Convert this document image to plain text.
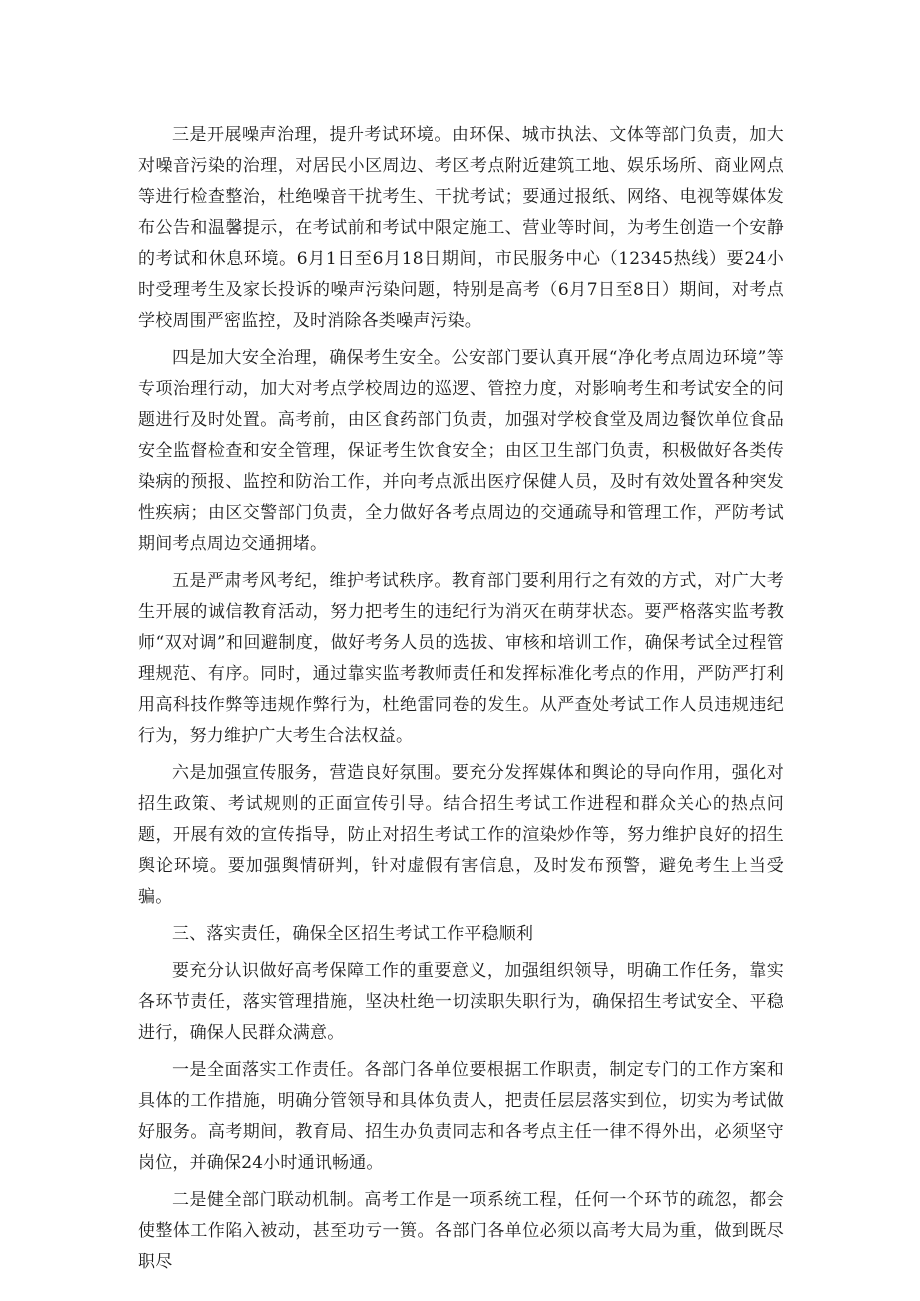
三是开展噪声治理，提升考试环境。由环保、城市执法、文体等部门负责，加大对噪音污染的治理，对居民小区周边、考区考点附近建筑工地、娱乐场所、商业网点等进行检查整治，杜绝噪音干扰考生、干扰考试；要通过报纸、网络、电视等媒体发布公告和温馨提示，在考试前和考试中限定施工、营业等时间，为考生创造一个安静的考试和休息环境。6月1日至6月18日期间，市民服务中心（12345热线）要24小时受理考生及家长投诉的噪声污染问题，特别是高考（6月7日至8日）期间，对考点学校周围严密监控，及时消除各类噪声污染。

四是加大安全治理，确保考生安全。公安部门要认真开展“净化考点周边环境”等专项治理行动，加大对考点学校周边的巡逻、管控力度，对影响考生和考试安全的问题进行及时处置。高考前，由区食药部门负责，加强对学校食堂及周边餐饮单位食品安全监督检查和安全管理，保证考生饮食安全；由区卫生部门负责，积极做好各类传染病的预报、监控和防治工作，并向考点派出医疗保健人员，及时有效处置各种突发性疾病；由区交警部门负责，全力做好各考点周边的交通疏导和管理工作，严防考试期间考点周边交通拥堵。

五是严肃考风考纪，维护考试秩序。教育部门要利用行之有效的方式，对广大考生开展的诚信教育活动，努力把考生的违纪行为消灭在萌芽状态。要严格落实监考教师“双对调”和回避制度，做好考务人员的选拔、审核和培训工作，确保考试全过程管理规范、有序。同时，通过靠实监考教师责任和发挥标准化考点的作用，严防严打利用高科技作弊等违规作弊行为，杜绝雷同卷的发生。从严查处考试工作人员违规违纪行为，努力维护广大考生合法权益。

六是加强宣传服务，营造良好氛围。要充分发挥媒体和舆论的导向作用，强化对招生政策、考试规则的正面宣传引导。结合招生考试工作进程和群众关心的热点问题，开展有效的宣传指导，防止对招生考试工作的渲染炒作等，努力维护良好的招生舆论环境。要加强舆情研判，针对虚假有害信息，及时发布预警，避免考生上当受骗。

三、落实责任，确保全区招生考试工作平稳顺利

要充分认识做好高考保障工作的重要意义，加强组织领导，明确工作任务，靠实各环节责任，落实管理措施，坚决杜绝一切渎职失职行为，确保招生考试安全、平稳进行，确保人民群众满意。

一是全面落实工作责任。各部门各单位要根据工作职责，制定专门的工作方案和具体的工作措施，明确分管领导和具体负责人，把责任层层落实到位，切实为考试做好服务。高考期间，教育局、招生办负责同志和各考点主任一律不得外出，必须坚守岗位，并确保24小时通讯畅通。

二是健全部门联动机制。高考工作是一项系统工程，任何一个环节的疏忽，都会使整体工作陷入被动，甚至功亏一篑。各部门各单位必须以高考大局为重，做到既尽职尽
